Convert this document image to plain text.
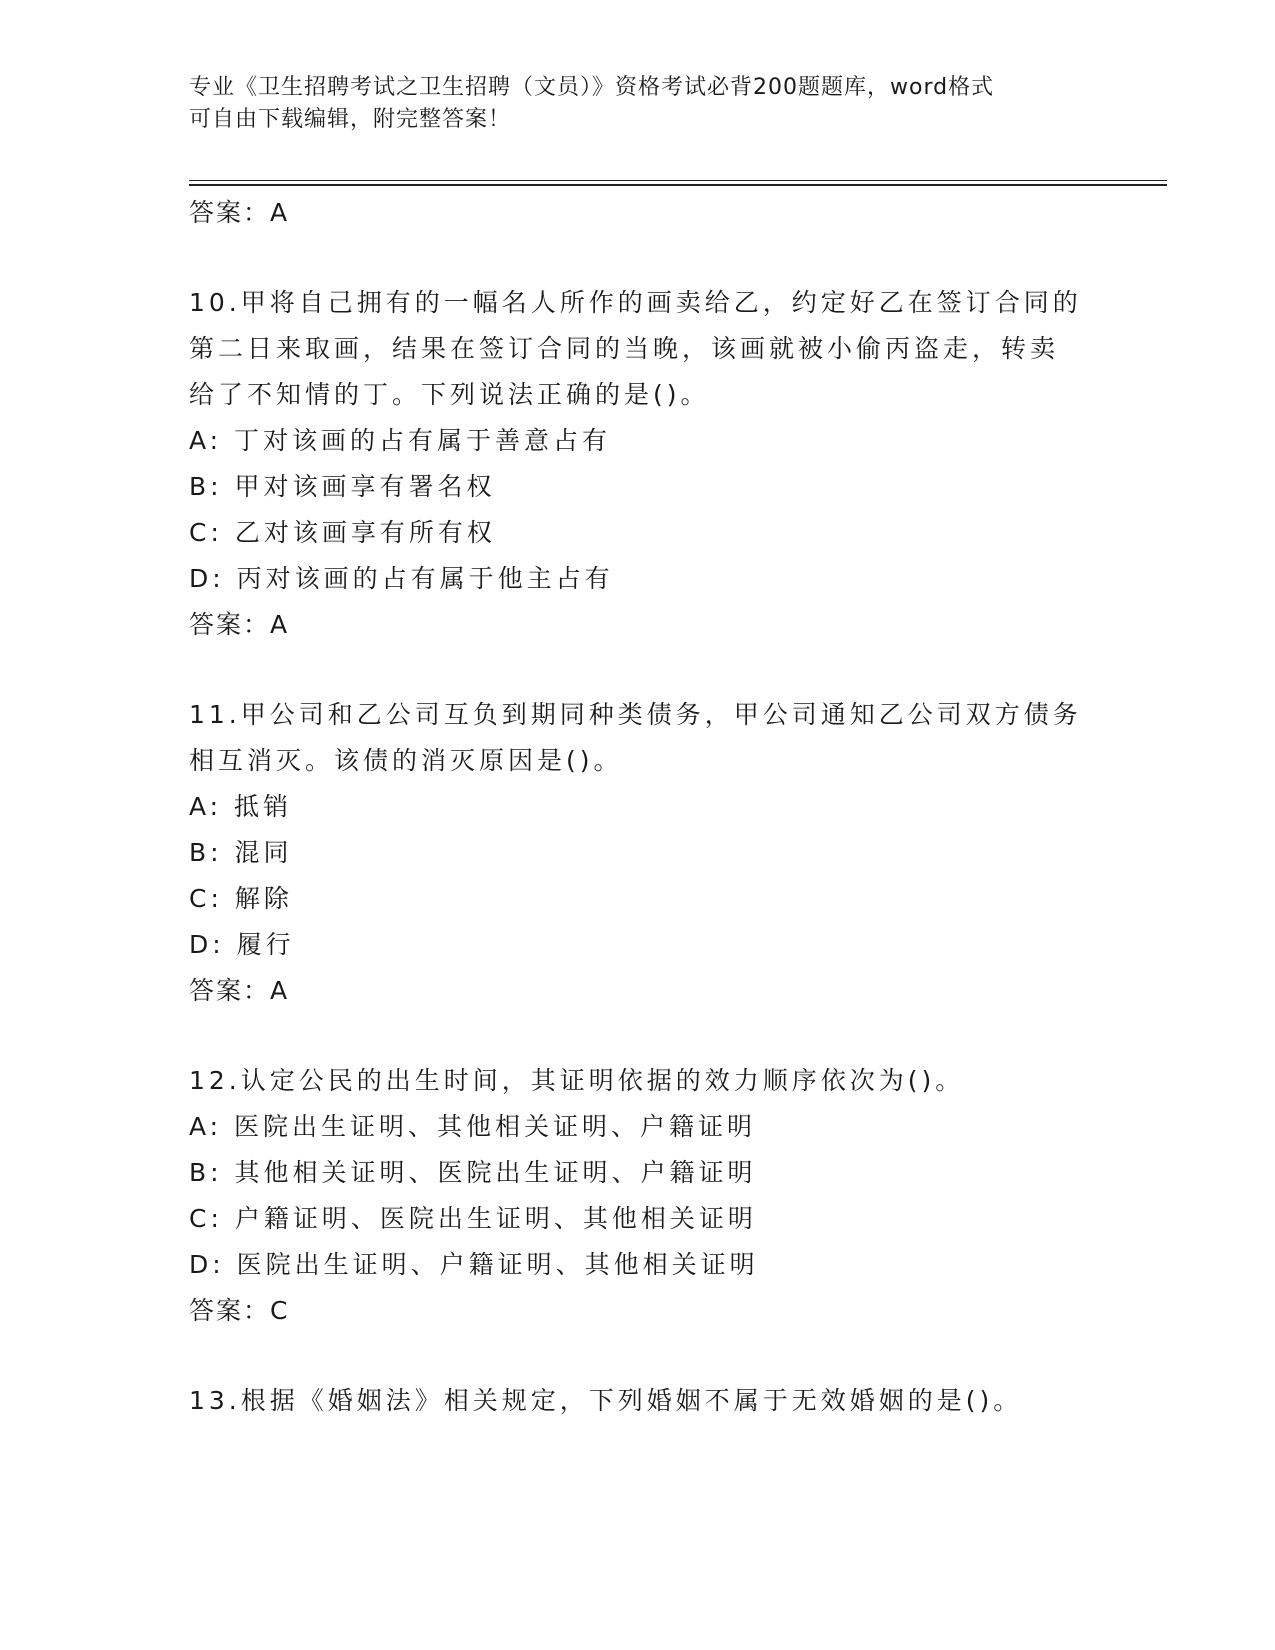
专业《卫生招聘考试之卫生招聘（文员）》资格考试必背200题题库，word格式
可自由下载编辑，附完整答案！
答案：A
10.甲将自己拥有的一幅名人所作的画卖给乙，约定好乙在签订合同的
第二日来取画，结果在签订合同的当晚，该画就被小偷丙盗走，转卖
给了不知情的丁。下列说法正确的是()。
A: 丁对该画的占有属于善意占有
B: 甲对该画享有署名权
C: 乙对该画享有所有权
D: 丙对该画的占有属于他主占有
答案：A
11.甲公司和乙公司互负到期同种类债务，甲公司通知乙公司双方债务
相互消灭。该债的消灭原因是()。
A: 抵销
B: 混同
C: 解除
D: 履行
答案：A
12.认定公民的出生时间，其证明依据的效力顺序依次为()。
A: 医院出生证明、其他相关证明、户籍证明
B: 其他相关证明、医院出生证明、户籍证明
C: 户籍证明、医院出生证明、其他相关证明
D: 医院出生证明、户籍证明、其他相关证明
答案：C
13.根据《婚姻法》相关规定，下列婚姻不属于无效婚姻的是()。
